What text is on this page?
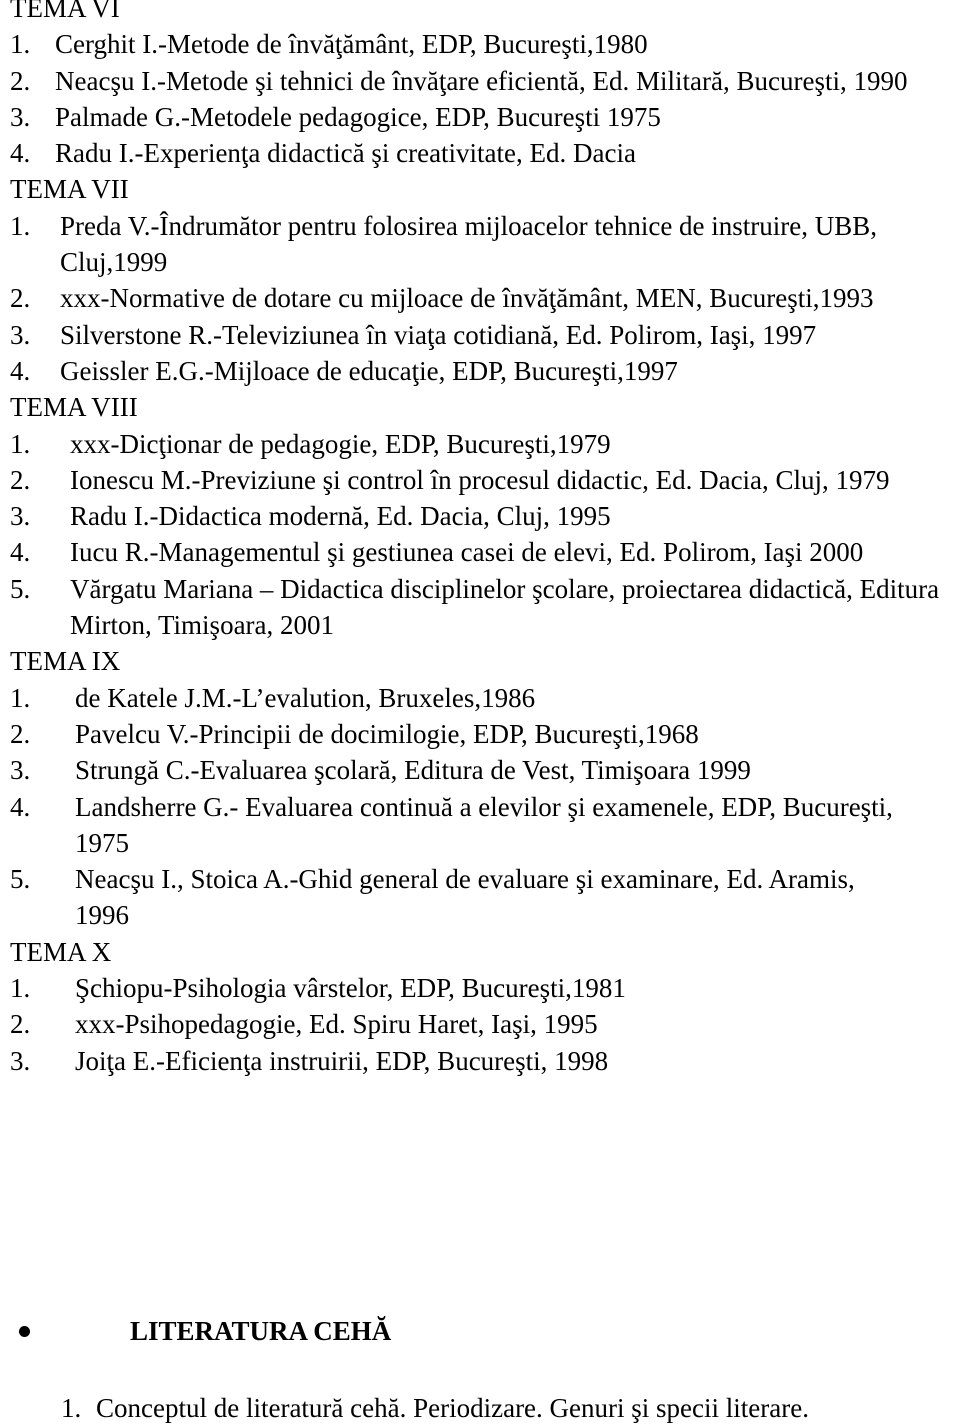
TEMA VI
1. Cerghit I.-Metode de învăţământ, EDP, Bucureşti,1980
2. Neacşu I.-Metode şi tehnici de învăţare eficientă, Ed. Militară, Bucureşti, 1990
3. Palmade G.-Metodele pedagogice, EDP, Bucureşti 1975
4. Radu I.-Experienţa didactică şi creativitate, Ed. Dacia
TEMA VII
1.	Preda V.-Îndrumător pentru folosirea mijloacelor tehnice de instruire, UBB, Cluj,1999
2.	xxx-Normative de dotare cu mijloace de învăţământ, MEN, Bucureşti,1993
3.	Silverstone R.-Televiziunea în viaţa cotidiană, Ed. Polirom, Iaşi, 1997
4.	Geissler E.G.-Mijloace de educaţie, EDP, Bucureşti,1997
TEMA VIII
1.	xxx-Dicţionar de pedagogie, EDP, Bucureşti,1979
2.	Ionescu M.-Previziune şi control în procesul didactic, Ed. Dacia, Cluj, 1979
3.	Radu I.-Didactica modernă, Ed. Dacia, Cluj, 1995
4.	Iucu R.-Managementul şi gestiunea casei de elevi, Ed. Polirom, Iaşi 2000
5.	Vărgatu Mariana – Didactica disciplinelor şcolare, proiectarea didactică, Editura Mirton, Timişoara, 2001
TEMA IX
1.	de Katele J.M.-L’evalution, Bruxeles,1986
2.	Pavelcu V.-Principii de docimilogie, EDP, Bucureşti,1968
3.	Strungă C.-Evaluarea şcolară, Editura de Vest, Timişoara 1999
4.	Landsherre G.- Evaluarea continuă a elevilor şi examenele, EDP, Bucureşti, 1975
5.	Neacşu I., Stoica A.-Ghid general de evaluare şi examinare, Ed. Aramis, 1996
TEMA X
1.	Şchiopu-Psihologia vârstelor, EDP, Bucureşti,1981
2.	xxx-Psihopedagogie, Ed. Spiru Haret, Iaşi, 1995
3.	Joiţa E.-Eficienţa instruirii, EDP, Bucureşti, 1998
LITERATURA CEHĂ
1. Conceptul de literatură cehă. Periodizare. Genuri şi specii literare.
